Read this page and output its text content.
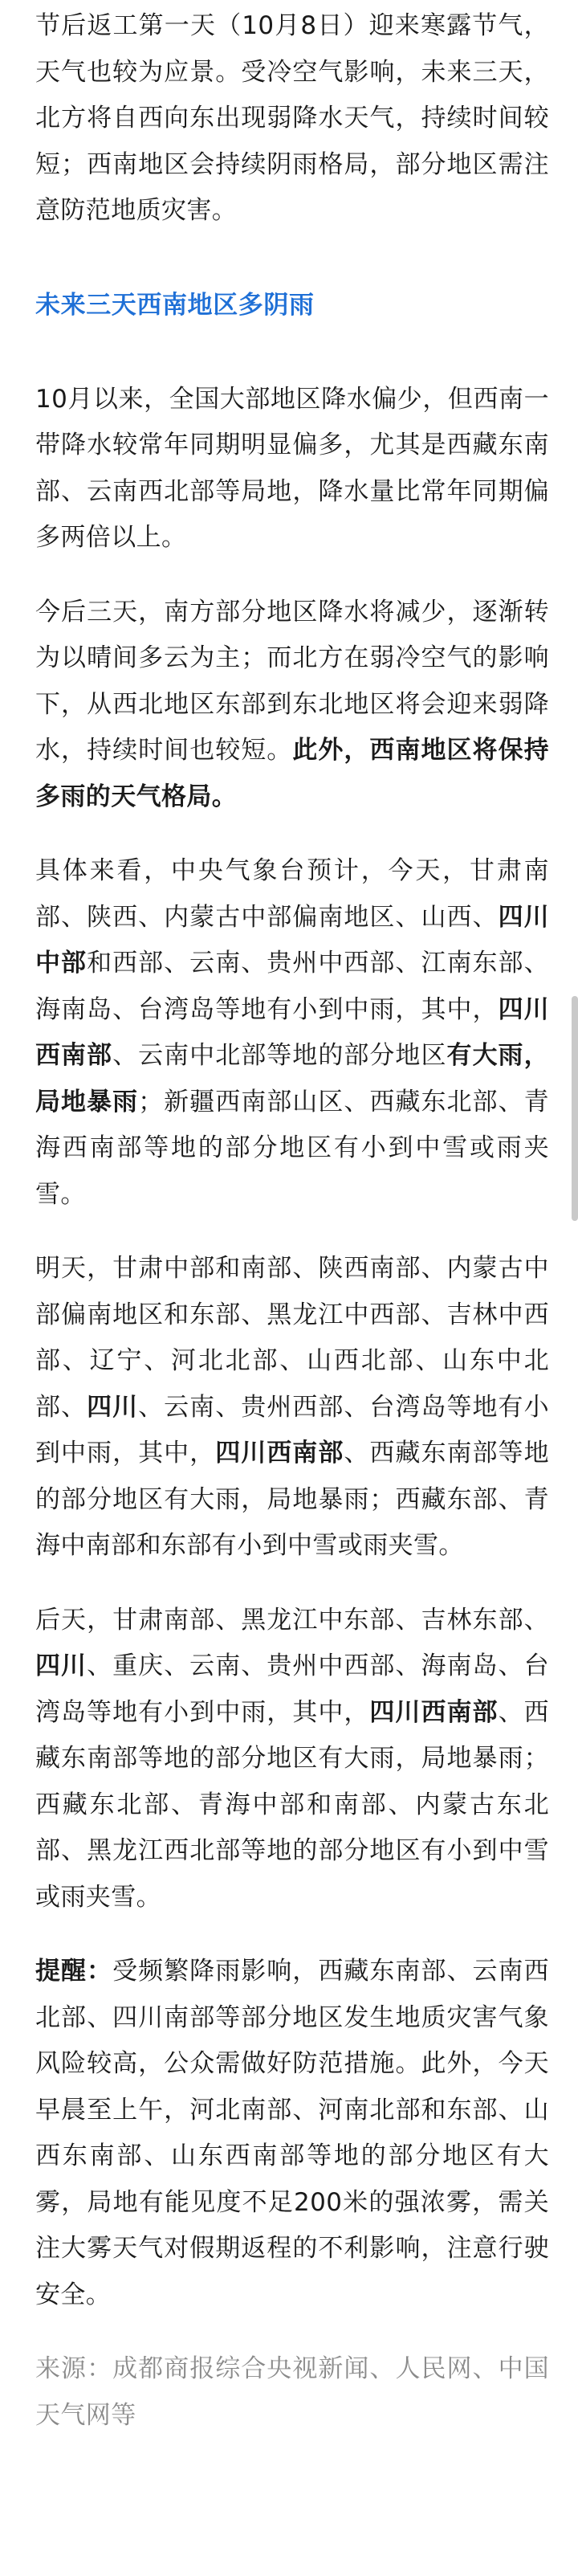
节后返工第一天（10月8日）迎来寒露节气，天气也较为应景。受冷空气影响，未来三天，北方将自西向东出现弱降水天气，持续时间较短；西南地区会持续阴雨格局，部分地区需注意防范地质灾害。

未来三天西南地区多阴雨

10月以来，全国大部地区降水偏少，但西南一带降水较常年同期明显偏多，尤其是西藏东南部、云南西北部等局地，降水量比常年同期偏多两倍以上。

今后三天，南方部分地区降水将减少，逐渐转为以晴间多云为主；而北方在弱冷空气的影响下，从西北地区东部到东北地区将会迎来弱降水，持续时间也较短。此外，西南地区将保持多雨的天气格局。

具体来看，中央气象台预计，今天，甘肃南部、陕西、内蒙古中部偏南地区、山西、四川中部和西部、云南、贵州中西部、江南东部、海南岛、台湾岛等地有小到中雨，其中，四川西南部、云南中北部等地的部分地区有大雨，局地暴雨；新疆西南部山区、西藏东北部、青海西南部等地的部分地区有小到中雪或雨夹雪。

明天，甘肃中部和南部、陕西南部、内蒙古中部偏南地区和东部、黑龙江中西部、吉林中西部、辽宁、河北北部、山西北部、山东中北部、四川、云南、贵州西部、台湾岛等地有小到中雨，其中，四川西南部、西藏东南部等地的部分地区有大雨，局地暴雨；西藏东部、青海中南部和东部有小到中雪或雨夹雪。

后天，甘肃南部、黑龙江中东部、吉林东部、四川、重庆、云南、贵州中西部、海南岛、台湾岛等地有小到中雨，其中，四川西南部、西藏东南部等地的部分地区有大雨，局地暴雨；西藏东北部、青海中部和南部、内蒙古东北部、黑龙江西北部等地的部分地区有小到中雪或雨夹雪。

提醒：受频繁降雨影响，西藏东南部、云南西北部、四川南部等部分地区发生地质灾害气象风险较高，公众需做好防范措施。此外，今天早晨至上午，河北南部、河南北部和东部、山西东南部、山东西南部等地的部分地区有大雾，局地有能见度不足200米的强浓雾，需关注大雾天气对假期返程的不利影响，注意行驶安全。

来源：成都商报综合央视新闻、人民网、中国天气网等
